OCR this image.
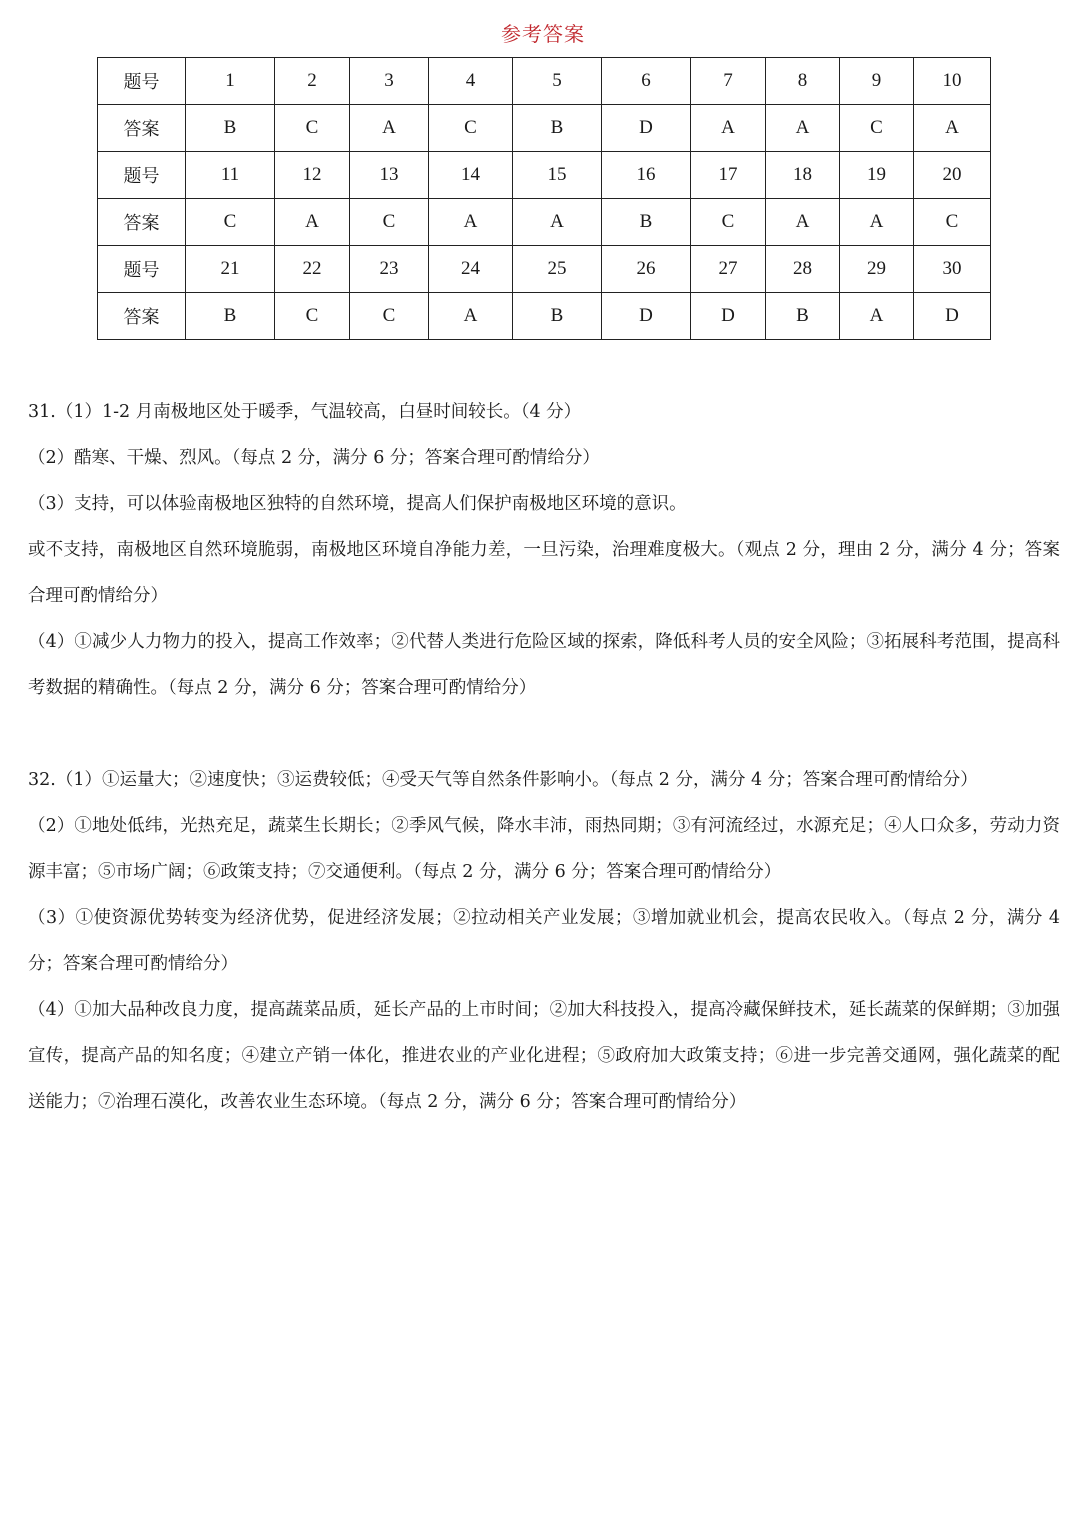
参考答案
题号	1	2	3	4	5	6	7	8	9	10
答案	B	C	A	C	B	D	A	A	C	A
题号	11	12	13	14	15	16	17	18	19	20
答案	C	A	C	A	A	B	C	A	A	C
题号	21	22	23	24	25	26	27	28	29	30
答案	B	C	C	A	B	D	D	B	A	D

31.（1）1-2 月南极地区处于暖季，气温较高，白昼时间较长。（4 分）

（2）酷寒、干燥、烈风。（每点 2 分，满分 6 分；答案合理可酌情给分）

（3）支持，可以体验南极地区独特的自然环境，提高人们保护南极地区环境的意识。

或不支持，南极地区自然环境脆弱，南极地区环境自净能力差，一旦污染，治理难度极大。（观点 2 分，理由 2 分，满分 4 分；答案合理可酌情给分）

（4）①减少人力物力的投入，提高工作效率；②代替人类进行危险区域的探索，降低科考人员的安全风险；③拓展科考范围，提高科考数据的精确性。（每点 2 分，满分 6 分；答案合理可酌情给分）

32.（1）①运量大；②速度快；③运费较低；④受天气等自然条件影响小。（每点 2 分，满分 4 分；答案合理可酌情给分）

（2）①地处低纬，光热充足，蔬菜生长期长；②季风气候，降水丰沛，雨热同期；③有河流经过，水源充足；④人口众多，劳动力资源丰富；⑤市场广阔；⑥政策支持；⑦交通便利。（每点 2 分，满分 6 分；答案合理可酌情给分）

（3）①使资源优势转变为经济优势，促进经济发展；②拉动相关产业发展；③增加就业机会，提高农民收入。（每点 2 分，满分 4 分；答案合理可酌情给分）

（4）①加大品种改良力度，提高蔬菜品质，延长产品的上市时间；②加大科技投入，提高冷藏保鲜技术，延长蔬菜的保鲜期；③加强宣传，提高产品的知名度；④建立产销一体化，推进农业的产业化进程；⑤政府加大政策支持；⑥进一步完善交通网，强化蔬菜的配送能力；⑦治理石漠化，改善农业生态环境。（每点 2 分，满分 6 分；答案合理可酌情给分）
